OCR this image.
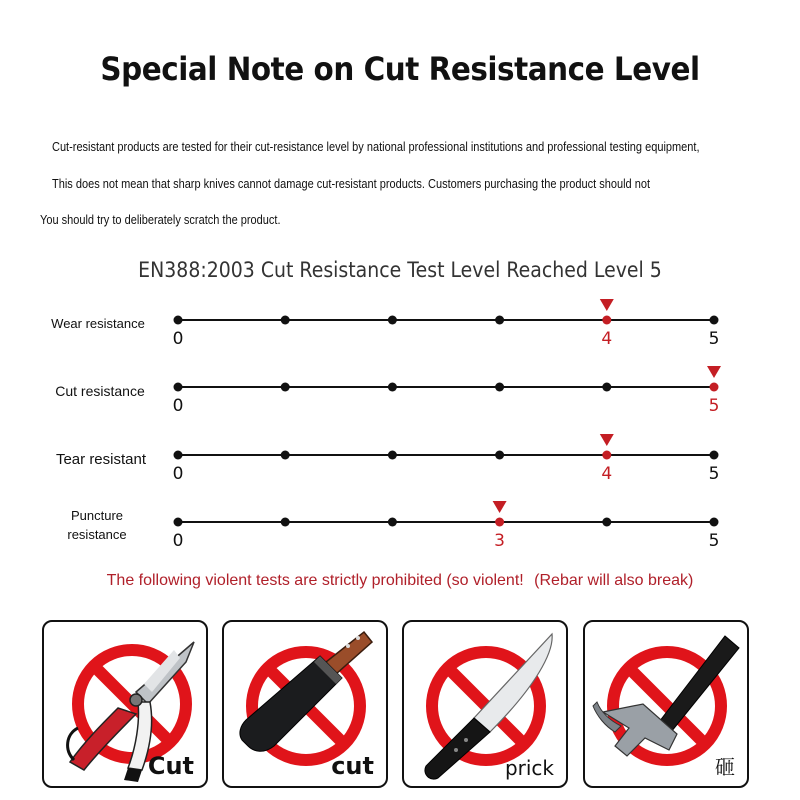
Special Note on Cut Resistance Level
Cut-resistant products are tested for their cut-resistance level by national professional institutions and professional testing equipment,
This does not mean that sharp knives cannot damage cut-resistant products. Customers purchasing the product should not
You should try to deliberately scratch the product.
EN388:2003 Cut Resistance Test Level Reached Level 5
Wear resistance
Cut resistance
Tear resistant
Puncture resistance
0	5
4
0	5
0	5
4
0	5
3
The following violent tests are strictly prohibited (so violent! (Rebar will also break)
Cut	cut	prick	砸
